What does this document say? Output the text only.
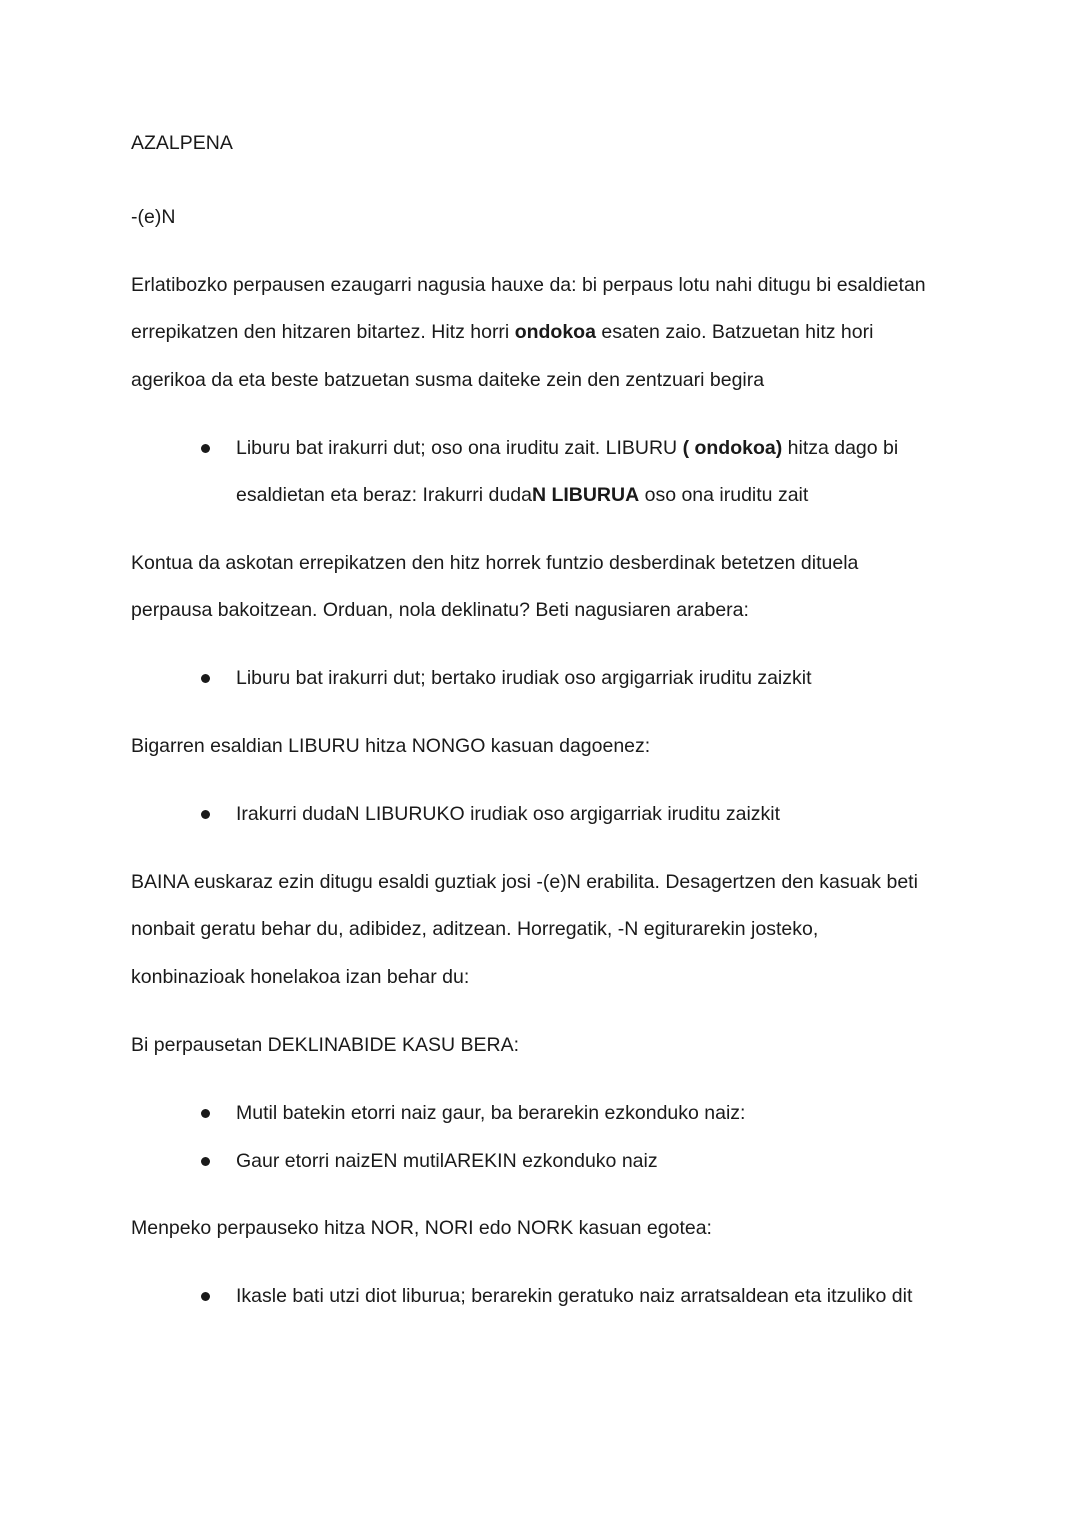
AZALPENA
-(e)N
Erlatibozko perpausen ezaugarri nagusia hauxe da: bi perpaus lotu nahi ditugu bi esaldietan
errepikatzen den hitzaren bitartez. Hitz horri ondokoa esaten zaio. Batzuetan hitz hori
agerikoa da eta beste batzuetan susma daiteke zein den zentzuari begira
Liburu bat irakurri dut; oso ona iruditu zait. LIBURU ( ondokoa) hitza dago bi
esaldietan eta beraz: Irakurri dudaN LIBURUA oso ona iruditu zait
Kontua da askotan errepikatzen den hitz horrek funtzio desberdinak betetzen dituela
perpausa bakoitzean. Orduan, nola deklinatu? Beti nagusiaren arabera:
Liburu bat irakurri dut; bertako irudiak oso argigarriak iruditu zaizkit
Bigarren esaldian LIBURU hitza NONGO kasuan dagoenez:
Irakurri dudaN LIBURUKO irudiak oso argigarriak iruditu zaizkit
BAINA euskaraz ezin ditugu esaldi guztiak josi -(e)N erabilita. Desagertzen den kasuak beti
nonbait geratu behar du, adibidez, aditzean. Horregatik, -N egiturarekin josteko,
konbinazioak honelakoa izan behar du:
Bi perpausetan DEKLINABIDE KASU BERA:
Mutil batekin etorri naiz gaur, ba berarekin ezkonduko naiz:
Gaur etorri naizEN mutilAREKIN ezkonduko naiz
Menpeko perpauseko hitza NOR, NORI edo NORK kasuan egotea:
Ikasle bati utzi diot liburua; berarekin geratuko naiz arratsaldean eta itzuliko dit
